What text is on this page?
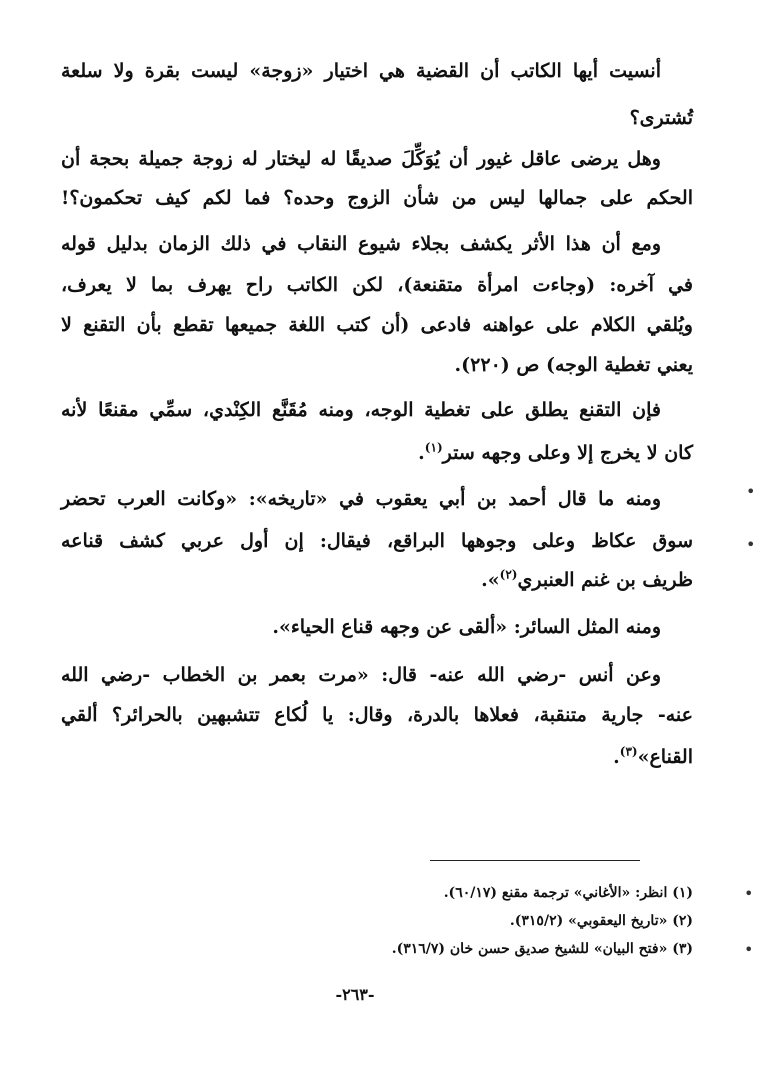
أنسيت أيها الكاتب أن القضية هي اختيار «زوجة» ليست بقرة ولا سلعة
تُشترى؟
وهل يرضى عاقل غيور أن يُوَكِّلَ صديقًا له ليختار له زوجة جميلة بحجة أن
الحكم على جمالها ليس من شأن الزوج وحده؟ فما لكم كيف تحكمون؟!
ومع أن هذا الأثر يكشف بجلاء شيوع النقاب في ذلك الزمان بدليل قوله
في آخره: (وجاءت امرأة متقنعة)، لكن الكاتب راح يهرف بما لا يعرف،
ويُلقي الكلام على عواهنه فادعى (أن كتب اللغة جميعها تقطع بأن التقنع لا
يعني تغطية الوجه) ص (٢٢٠).
فإن التقنع يطلق على تغطية الوجه، ومنه مُقَنَّع الكِنْدي، سمِّي مقنعًا لأنه
كان لا يخرج إلا وعلى وجهه ستر$^{(١)}$.
ومنه ما قال أحمد بن أبي يعقوب في «تاريخه»: «وكانت العرب تحضر
سوق عكاظ وعلى وجوهها البراقع، فيقال: إن أول عربي كشف قناعه
ظريف بن غنم العنبري$^{(٢)}$».
ومنه المثل السائر: «ألقى عن وجهه قناع الحياء».
وعن أنس -رضي الله عنه- قال: «مرت بعمر بن الخطاب -رضي الله
عنه- جارية متنقبة، فعلاها بالدرة، وقال: يا لُكاع تتشبهين بالحرائر؟ ألقي
القناع»$^{(٣)}$.
(١) انظر: «الأغاني» ترجمة مقنع (٦٠/١٧).
(٢) «تاريخ اليعقوبي» (٣١٥/٢).
(٣) «فتح البيان» للشيخ صديق حسن خان (٣١٦/٧).
-٢٦٣-
•
•
•
•
